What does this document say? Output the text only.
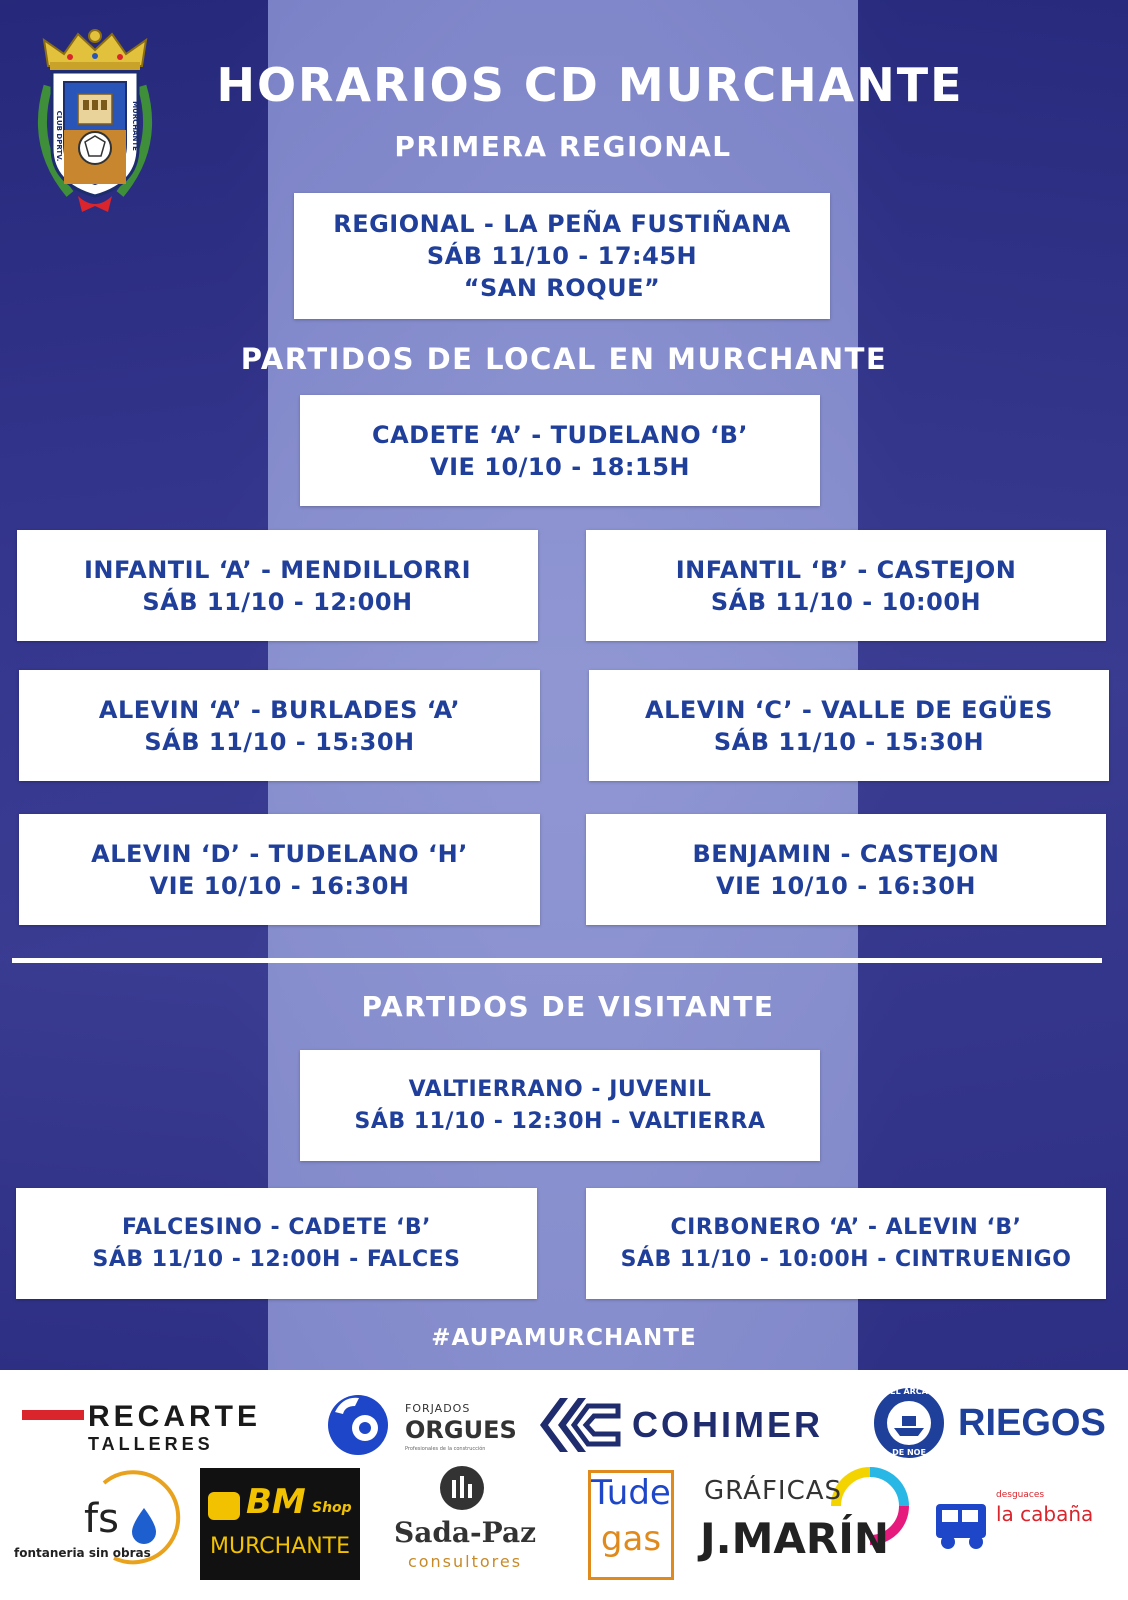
CLUB DPRTV.	MURCHANTE
HORARIOS CD MURCHANTE
PRIMERA REGIONAL
REGIONAL - LA PEÑA FUSTIÑANA
SÁB 11/10 - 17:45H
“SAN ROQUE”
PARTIDOS DE LOCAL EN MURCHANTE
CADETE ‘A’ - TUDELANO ‘B’
VIE 10/10 - 18:15H
INFANTIL ‘A’ - MENDILLORRI
SÁB 11/10 - 12:00H
INFANTIL ‘B’ - CASTEJON
SÁB 11/10 - 10:00H
ALEVIN ‘A’ - BURLADES ‘A’
SÁB 11/10 - 15:30H
ALEVIN ‘C’ - VALLE DE EGÜES
SÁB 11/10 - 15:30H
ALEVIN ‘D’ - TUDELANO ‘H’
VIE 10/10 - 16:30H
BENJAMIN - CASTEJON
VIE 10/10 - 16:30H
PARTIDOS DE VISITANTE
VALTIERRANO - JUVENIL
SÁB 11/10 - 12:30H - VALTIERRA
FALCESINO - CADETE ‘B’
SÁB 11/10 - 12:00H - FALCES
CIRBONERO ‘A’ - ALEVIN ‘B’
SÁB 11/10 - 10:00H - CINTRUENIGO
#AUPAMURCHANTE
RECARTE
TALLERES
FORJADOS
ORGUES
Profesionales de la construcción
COHIMER
EL ARCA
DE NOE
RIEGOS
fs
fontaneria sin obras
BM Shop
MURCHANTE	Sada-Paz
consultores
Tude
gas
GRÁFICAS
J.MARÍN
desguaces
la cabaña
